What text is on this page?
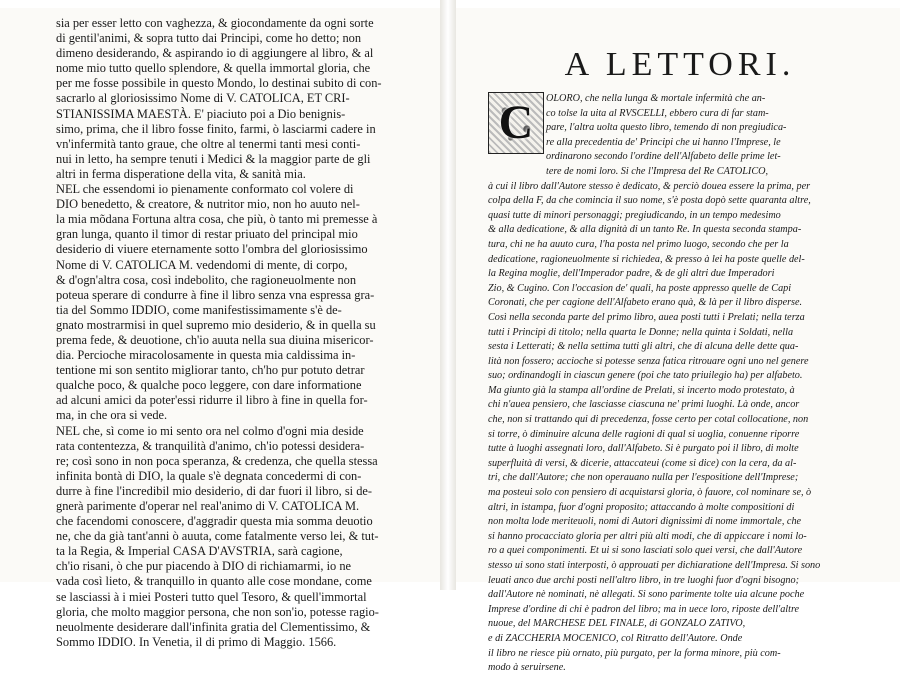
sia per esser letto con vaghezza, & giocondamente da ogni sorte
di gentil'animi, & sopra tutto dai Principi, come ho detto; non
dimeno desiderando, & aspirando io di aggiungere al libro, & al
nome mio tutto quello splendore, & quella immortal gloria, che
per me fosse possibile in questo Mondo, lo destinai subito di con-
sacrarlo al gloriosissimo Nome di V. CATOLICA, ET CRI-
STIANISSIMA MAESTÀ. E' piaciuto poi a Dio benignis-
simo, prima, che il libro fosse finito, farmi, ò lasciarmi cadere in
vn'infermità tanto graue, che oltre al tenermi tanti mesi conti-
nui in letto, ha sempre tenuti i Medici & la maggior parte de gli
altri in ferma disperatione della vita, & sanità mia.
NEL che essendomi io pienamente conformato col volere di
DIO benedetto, & creatore, & nutritor mio, non ho auuto nel-
la mia mõdana Fortuna altra cosa, che più, ò tanto mi premesse à
gran lunga, quanto il timor di restar priuato del principal mio
desiderio di viuere eternamente sotto l'ombra del gloriosissimo
Nome di V. CATOLICA M. vedendomi di mente, di corpo,
& d'ogn'altra cosa, così indebolito, che ragioneuolmente non
poteua sperare di condurre à fine il libro senza vna espressa gra-
tia del Sommo IDDIO, come manifestissimamente s'è de-
gnato mostrarmisi in quel supremo mio desiderio, & in quella su
prema fede, & deuotione, ch'io auuta nella sua diuina misericor-
dia. Percioche miracolosamente in questa mia caldissima in-
tentione mi son sentito migliorar tanto, ch'ho pur potuto detrar
qualche poco, & qualche poco leggere, con dare informatione
ad alcuni amici da poter'essi ridurre il libro à fine in quella for-
ma, in che ora si vede.
NEL che, sì come io mi sento ora nel colmo d'ogni mia deside
rata contentezza, & tranquilità d'animo, ch'io potessi desidera-
re; così sono in non poca speranza, & credenza, che quella stessa
infinita bontà di DIO, la quale s'è degnata concedermi di con-
durre à fine l'incredibil mio desiderio, di dar fuori il libro, si de-
gnerà parimente d'operar nel real'animo di V. CATOLICA M.
che facendomi conoscere, d'aggradir questa mia somma deuotio
ne, che da già tant'anni ò auuta, come fatalmente verso lei, & tut-
ta la Regia, & Imperial CASA D'AVSTRIA, sarà cagione,
ch'io risani, ò che pur piacendo à DIO di richiamarmi, io ne
vada così lieto, & tranquillo in quanto alle cose mondane, come
se lasciassi à i miei Posteri tutto quel Tesoro, & quell'immortal
gloria, che molto maggior persona, che non son'io, potesse ragio-
neuolmente desiderare dall'infinita gratia del Clementissimo, &
Sommo IDDIO. In Venetia, il di primo di Maggio. 1566.
A LETTORI.
C	OLORO, che nella lunga & mortale infermità che an-
co tolse la uita al RVSCELLI, ebbero cura di far stam-
pare, l'altra uolta questo libro, temendo di non pregiudica-
re alla precedentia de' Principi che ui hanno l'Imprese, le
ordinarono secondo l'ordine dell'Alfabeto delle prime let-
tere de nomi loro. Si che l'Impresa del Re CATOLICO,
à cui il libro dall'Autore stesso è dedicato, & perciò douea essere la prima, per
colpa della F, da che comincia il suo nome, s'è posta dopò sette quaranta altre,
quasi tutte di minori personaggi; pregiudicando, in un tempo medesimo
& alla dedicatione, & alla dignità di un tanto Re. In questa seconda stampa-
tura, chi ne ha auuto cura, l'ha posta nel primo luogo, secondo che per la
dedicatione, ragioneuolmente si richiedea, & presso à lei ha poste quelle del-
la Regina moglie, dell'Imperador padre, & de gli altri due Imperadori
Zio, & Cugino. Con l'occasion de' quali, ha poste appresso quelle de Capi
Coronati, che per cagione dell'Alfabeto erano quà, & là per il libro disperse.
Così nella seconda parte del primo libro, auea posti tutti i Prelati; nella terza
tutti i Principi di titolo; nella quarta le Donne; nella quinta i Soldati, nella
sesta i Letterati; & nella settima tutti gli altri, che di alcuna delle dette qua-
lità non fossero; accioche si potesse senza fatica ritrouare ogni uno nel genere
suo; ordinandogli in ciascun genere (poi che tato priuilegio ha) per alfabeto.
Ma giunto già la stampa all'ordine de Prelati, si incerto modo protestato, à
chi n'auea pensiero, che lasciasse ciascuna ne' primi luoghi. Là onde, ancor
che, non si trattando qui di precedenza, fosse certo per cotal collocatione, non
si torre, ò diminuire alcuna delle ragioni di qual si uoglia, conuenne riporre
tutte à luoghi assegnati loro, dall'Alfabeto. Si è purgato poi il libro, di molte
superfluità di versi, & dicerie, attaccateui (come si dice) con la cera, da al-
tri, che dall'Autore; che non operauano nulla per l'espositione dell'Imprese;
ma posteui solo con pensiero di acquistarsi gloria, ò fauore, col nominare se, ò
altri, in istampa, fuor d'ogni proposito; attaccando à molte compositioni di
non molta lode meriteuoli, nomi di Autori dignissimi di nome immortale, che
si hanno procacciato gloria per altri più alti modi, che di appiccare i nomi lo-
ro a quei componimenti. Et ui si sono lasciati solo quei versi, che dall'Autore
stesso ui sono stati interposti, ò approuati per dichiaratione dell'Impresa. Si sono
leuati anco due archi posti nell'altro libro, in tre luoghi fuor d'ogni bisogno;
dall'Autore nè nominati, nè allegati. Si sono parimente tolte uia alcune poche
Imprese d'ordine di chi è padron del libro; ma in uece loro, riposte dell'altre
nuoue, del MARCHESE DEL FINALE, di GONZALO ZATIVO,
e di ZACCHERIA MOCENICO, col Ritratto dell'Autore. Onde
il libro ne riesce più ornato, più purgato, per la forma minore, più com-
modo à seruirsene.
